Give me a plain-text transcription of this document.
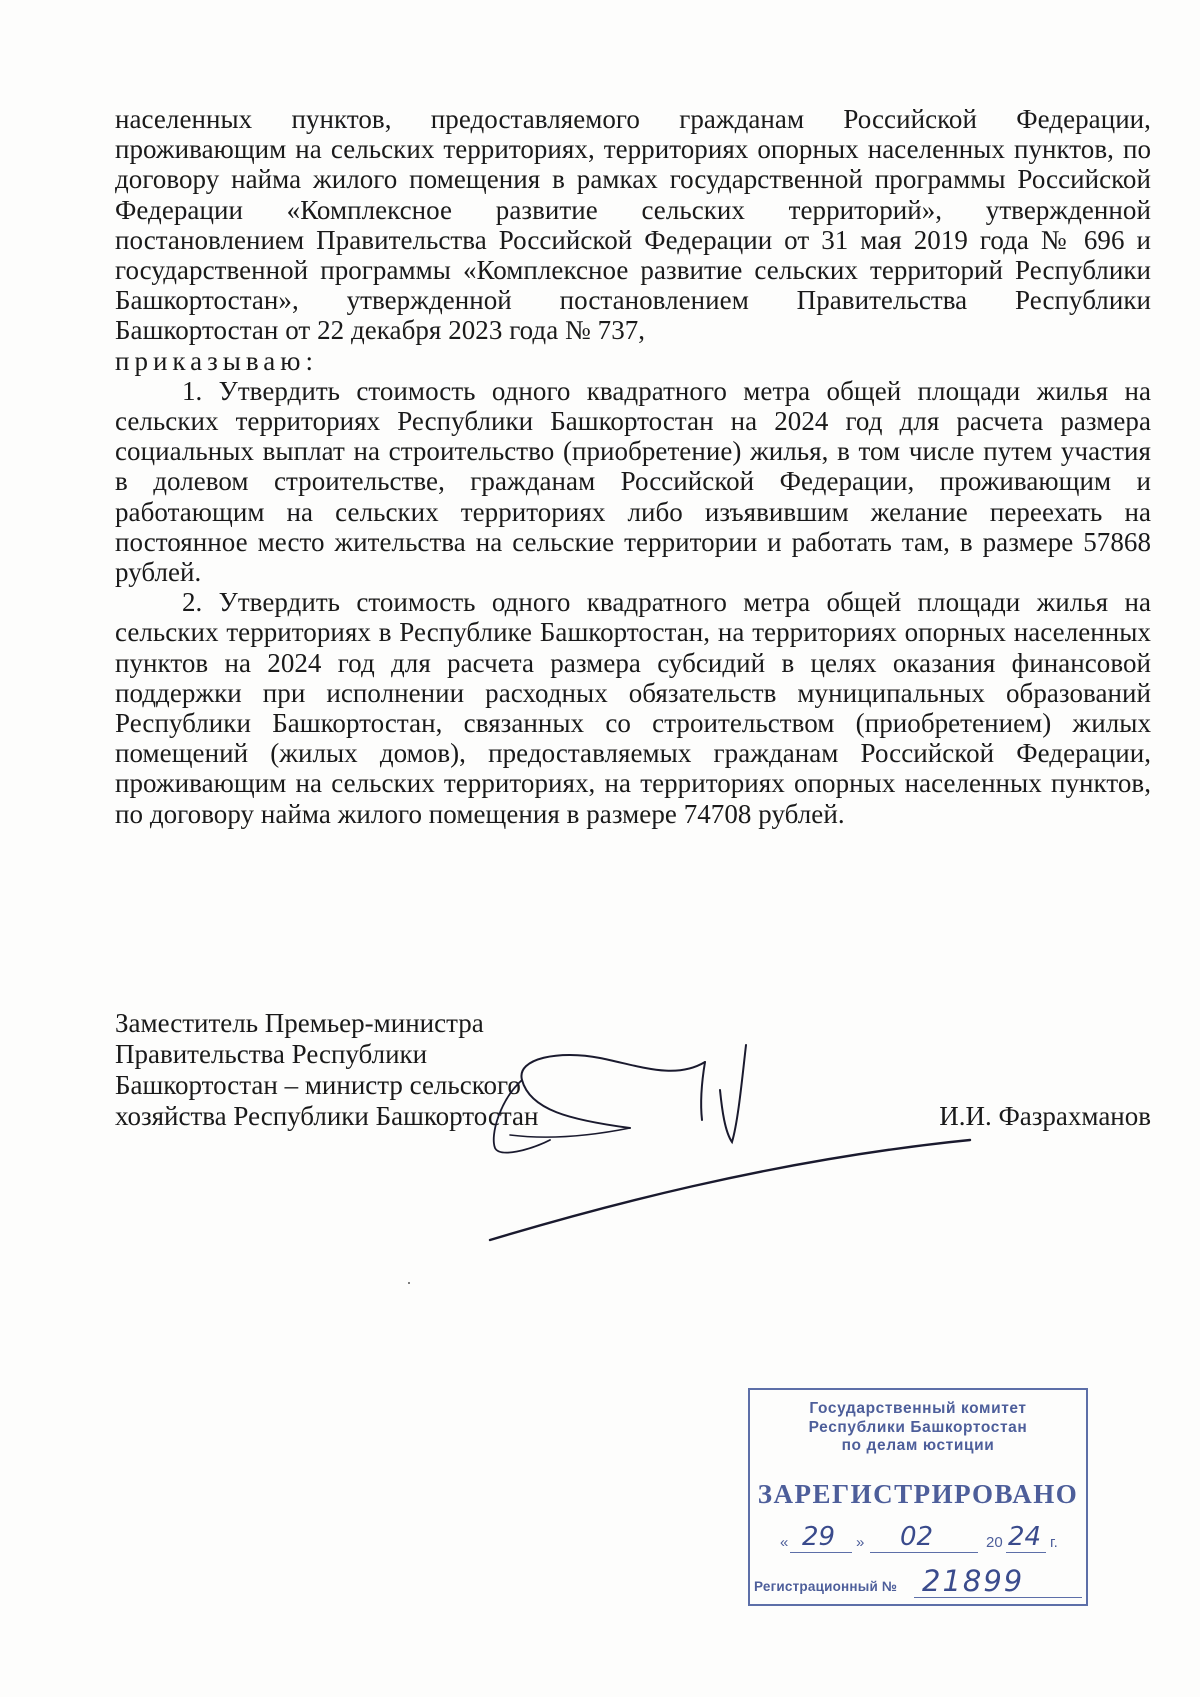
населенных пунктов, предоставляемого гражданам Российской Федерации, проживающим на сельских территориях, территориях опорных населенных пунктов, по договору найма жилого помещения в рамках государственной программы Российской Федерации «Комплексное развитие сельских территорий», утвержденной постановлением Правительства Российской Федерации от 31 мая 2019 года № 696 и государственной программы «Комплексное развитие сельских территорий Республики Башкортостан», утвержденной постановлением Правительства Республики Башкортостан от 22 декабря 2023 года № 737,

приказываю:

1. Утвердить стоимость одного квадратного метра общей площади жилья на сельских территориях Республики Башкортостан на 2024 год для расчета размера социальных выплат на строительство (приобретение) жилья, в том числе путем участия в долевом строительстве, гражданам Российской Федерации, проживающим и работающим на сельских территориях либо изъявившим желание переехать на постоянное место жительства на сельские территории и работать там, в размере 57868 рублей.

2. Утвердить стоимость одного квадратного метра общей площади жилья на сельских территориях в Республике Башкортостан, на территориях опорных населенных пунктов на 2024 год для расчета размера субсидий в целях оказания финансовой поддержки при исполнении расходных обязательств муниципальных образований Республики Башкортостан, связанных со строительством (приобретением) жилых помещений (жилых домов), предоставляемых гражданам Российской Федерации, проживающим на сельских территориях, на территориях опорных населенных пунктов, по договору найма жилого помещения в размере 74708 рублей.

Заместитель Премьер-министра
Правительства Республики
Башкортостан – министр сельского
хозяйства Республики Башкортостан	И.И. Фазрахманов
Государственный комитет
Республики Башкортостан
по делам юстиции
ЗАРЕГИСТРИРОВАНО
« 29 » 02	20 24 г.
Регистрационный № 21899
